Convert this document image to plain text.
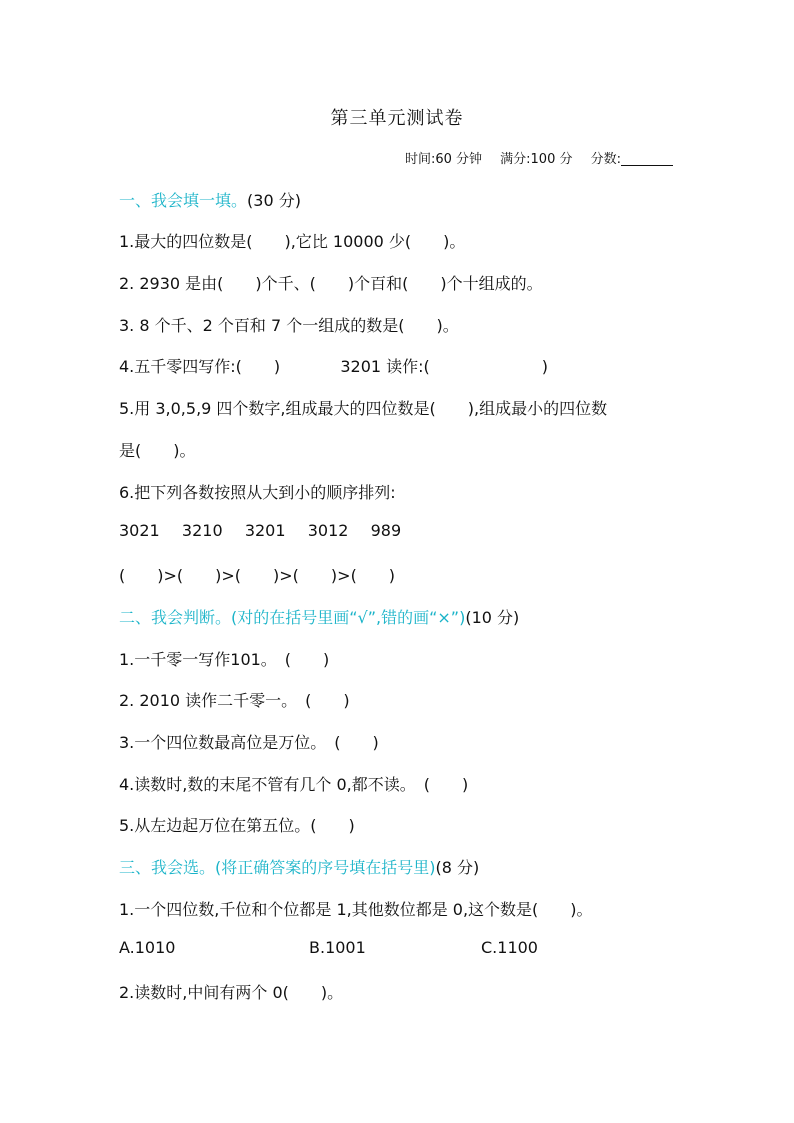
第三单元测试卷
时间:60 分钟 满分:100 分 分数:
一、我会填一填。(30 分)
1.最大的四位数是(　　),它比 10000 少(　　)。
2. 2930 是由(　　)个千、(　　)个百和(　　)个十组成的。
3. 8 个千、2 个百和 7 个一组成的数是(　　)。
4.五千零四写作:(　　)	3201 读作:(　　　　　　　)
5.用 3,0,5,9 四个数字,组成最大的四位数是(　　),组成最小的四位数
是(　　)。
6.把下列各数按照从大到小的顺序排列:
3021 3210 3201 3012 989
(　　)>(　　)>(　　)>(　　)>(　　)
二、我会判断。(对的在括号里画“√”,错的画“×”)(10 分)
1.一千零一写作101。　(　　)
2. 2010 读作二千零一。　(　　)
3.一个四位数最高位是万位。　(　　)
4.读数时,数的末尾不管有几个 0,都不读。　(　　)
5.从左边起万位在第五位。(　　)
三、我会选。(将正确答案的序号填在括号里)(8 分)
1.一个四位数,千位和个位都是 1,其他数位都是 0,这个数是(　　)。
A.1010	B.1001	C.1100
2.读数时,中间有两个 0(　　)。
